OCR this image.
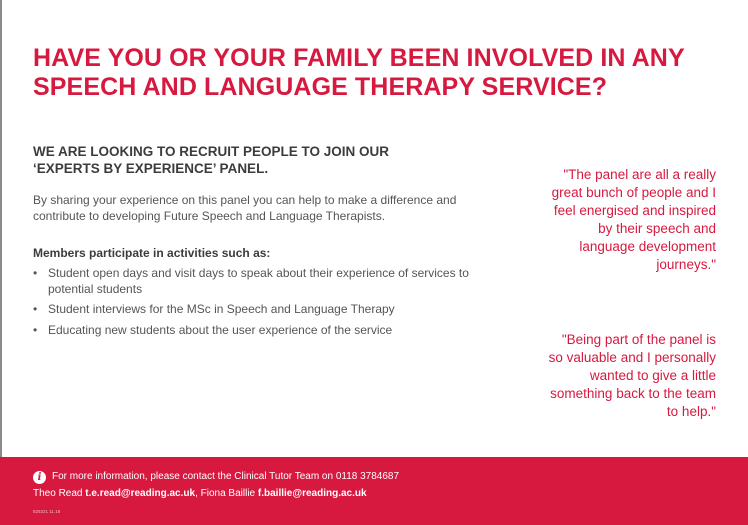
HAVE YOU OR YOUR FAMILY BEEN INVOLVED IN ANY SPEECH AND LANGUAGE THERAPY SERVICE?
WE ARE LOOKING TO RECRUIT PEOPLE TO JOIN OUR ‘EXPERTS BY EXPERIENCE’ PANEL.

By sharing your experience on this panel you can help to make a difference and contribute to developing Future Speech and Language Therapists.

Members participate in activities such as:

• Student open days and visit days to speak about their experience of services to potential students
• Student interviews for the MSc in Speech and Language Therapy
• Educating new students about the user experience of the service

"The panel are all a really great bunch of people and I feel energised and inspired by their speech and language development journeys."

"Being part of the panel is so valuable and I personally wanted to give a little something back to the team to help."

i	For more information, please contact the Clinical Tutor Team on 0118 3784687
Theo Read t.e.read@reading.ac.uk, Fiona Baillie f.baillie@reading.ac.uk
825321 11.18
